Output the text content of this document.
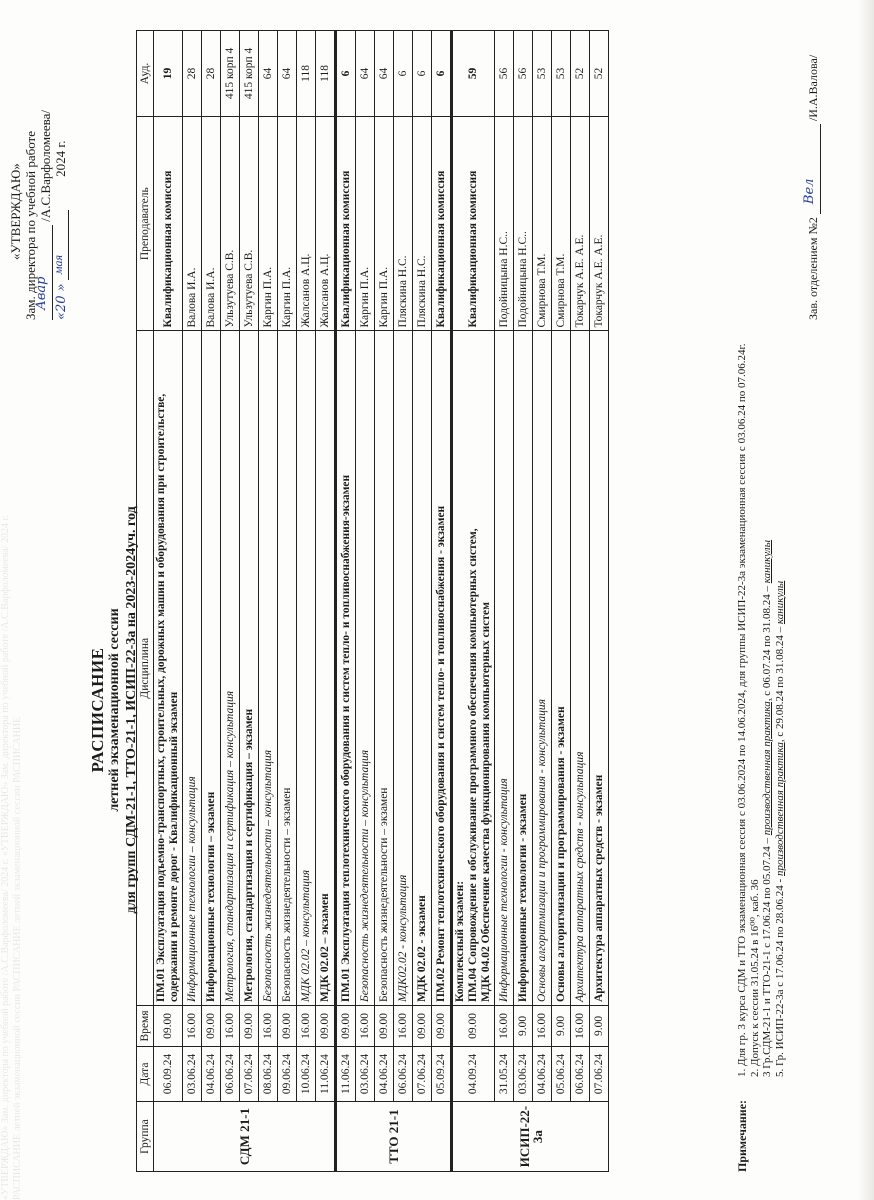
«УТВЕРЖДАЮ» Зам. директора по учебной работе /А.С.Варфоломеева/ 2024 г. «УТВЕРЖДАЮ» Зам. директора по учебной работе /А.С.Варфоломеева/ 2024 г. РАСПИСАНИЕ летней экзаменационной сессии РАСПИСАНИЕ летней экзаменационной сессии РАСПИСАНИЕ
«УТВЕРЖДАЮ» Зам. директора по учебной работе
Авар
/А.С.Варфоломеева/
«20 »
мая
2024 г.
РАСПИСАНИЕ летней экзаменационной сессии для групп СДМ-21-1, ТТО-21-1, ИСИП-22-3а на 2023-2024уч. год
Группа	Дата	Время	Дисциплина	Преподаватель	Ауд.
СДМ 21-1	06.09.24	09.00	ПМ.01 Эксплуатация подъемно-транспортных, строительных, дорожных машин и оборудования при строительстве, содержании и ремонте дорог - Квалификационный экзамен	Квалификационная комиссия	19
	03.06.24	16.00	Информационные технологии – консультация	Валова И.А.	28
	04.06.24	09.00	Информационные технологии – экзамен	Валова И.А.	28
	06.06.24	16.00	Метрология, стандартизация и сертификация – консультация	Ульзутуева С.В.	415 корп 4
	07.06.24	09.00	Метрология, стандартизация и сертификация – экзамен	Ульзутуева С.В.	415 корп 4
	08.06.24	16.00	Безопасность жизнедеятельности – консультация	Каргин П.А.	64
	09.06.24	09.00	Безопасность жизнедеятельности – экзамен	Каргин П.А.	64
	10.06.24	16.00	МДК 02.02 – консультация	Жалсанов А.Ц.	118
	11.06.24	09.00	МДК 02.02 – экзамен	Жалсанов А.Ц.	118
ТТО 21-1	11.06.24	09.00	ПМ.01 Эксплуатация теплотехнического оборудования и систем тепло- и топливоснабжения-экзамен	Квалификационная комиссия	6
	03.06.24	16.00	Безопасность жизнедеятельности – консультация	Каргин П.А.	64
	04.06.24	09.00	Безопасность жизнедеятельности – экзамен	Каргин П.А.	64
	06.06.24	16.00	МДК02.02 - консультация	Пляскина Н.С.	6
	07.06.24	09.00	МДК 02.02 - экзамен	Пляскина Н.С.	6
	05.09.24	09.00	ПМ.02 Ремонт теплотехнического оборудования и систем тепло- и топливоснабжения - экзамен	Квалификационная комиссия	6
ИСИП-22-3а	04.09.24	09.00	Комплексный экзамен:
ПМ.04 Сопровождение и обслуживание программного обеспечения компьютерных систем,
МДК 04.02 Обеспечение качества функционирования компьютерных систем	Квалификационная комиссия	59
	31.05.24	16.00	Информационные технологии - консультация	Подойницына Н.С..	56
	03.06.24	9.00	Информационные технологии - экзамен	Подойницына Н.С..	56
	04.06.24	16.00	Основы алгоритмизации и программирования - консультация	Смирнова Т.М.	53
	05.06.24	9.00	Основы алгоритмизации и программирования - экзамен	Смирнова Т.М.	53
	06.06.24	16.00	Архитектура аппаратных средств - консультация	Токарчук А.Е. А.Е.	52
	07.06.24	9.00	Архитектура аппаратных средств - экзамен	Токарчук А.Е. А.Е.	52
Примечание:
1. Для гр. 3 курса СДМ и ТТО экзаменационная сессия с 03.06.2024 по 14.06.2024, для группы ИСИП-22-3а экзаменационная сессия с 03.06.24 по 07.06.24г. 2. Допуск к сессии 31.05.24 в 16⁰⁰, каб. 36 3 Гр.СДМ-21-1 и ТТО-21-1 с 17.06.24 по 05.07.24 – производственная практика, с 06.07.24 по 31.08.24 – каникулы
5. Гр. ИСИП-22-3а с 17.06.24 по 28.06.24 - производственная практика, с 29.08.24 по 31.08.24 – каникулы
Зав. отделением №2
Вел
/И.А.Валова/
